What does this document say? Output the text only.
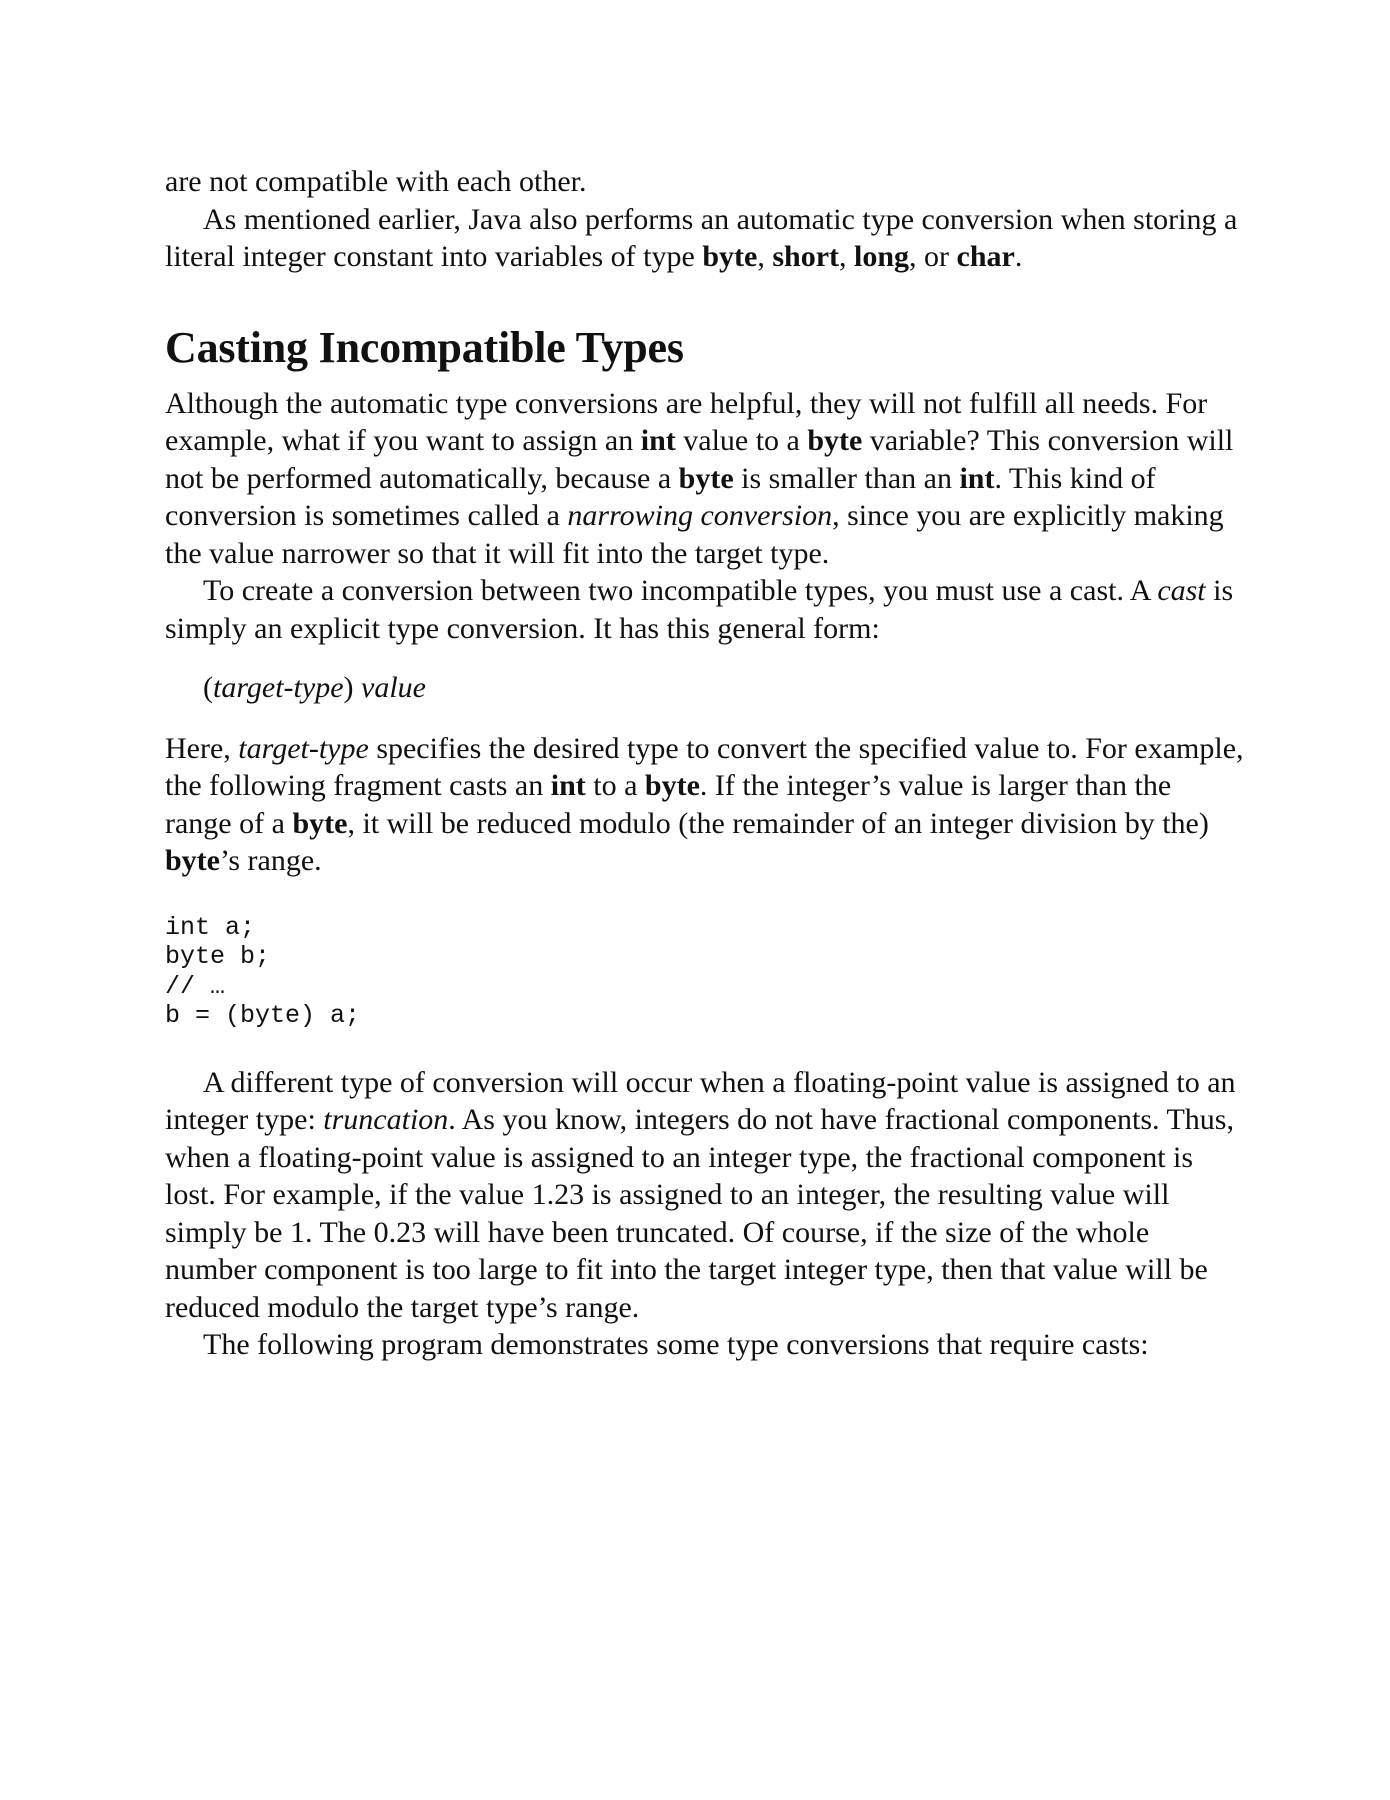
are not compatible with each other.

As mentioned earlier, Java also performs an automatic type conversion when storing a literal integer constant into variables of type byte, short, long, or char.

Casting Incompatible Types

Although the automatic type conversions are helpful, they will not fulfill all needs. For example, what if you want to assign an int value to a byte variable? This conversion will not be performed automatically, because a byte is smaller than an int. This kind of conversion is sometimes called a narrowing conversion, since you are explicitly making the value narrower so that it will fit into the target type.

To create a conversion between two incompatible types, you must use a cast. A cast is simply an explicit type conversion. It has this general form:

(target-type) value

Here, target-type specifies the desired type to convert the specified value to. For example, the following fragment casts an int to a byte. If the integer’s value is larger than the range of a byte, it will be reduced modulo (the remainder of an integer division by the) byte’s range.

int a;
byte b;
// …
b = (byte) a;

A different type of conversion will occur when a floating-point value is assigned to an integer type: truncation. As you know, integers do not have fractional components. Thus, when a floating-point value is assigned to an integer type, the fractional component is lost. For example, if the value 1.23 is assigned to an integer, the resulting value will simply be 1. The 0.23 will have been truncated. Of course, if the size of the whole number component is too large to fit into the target integer type, then that value will be reduced modulo the target type’s range.

The following program demonstrates some type conversions that require casts:
